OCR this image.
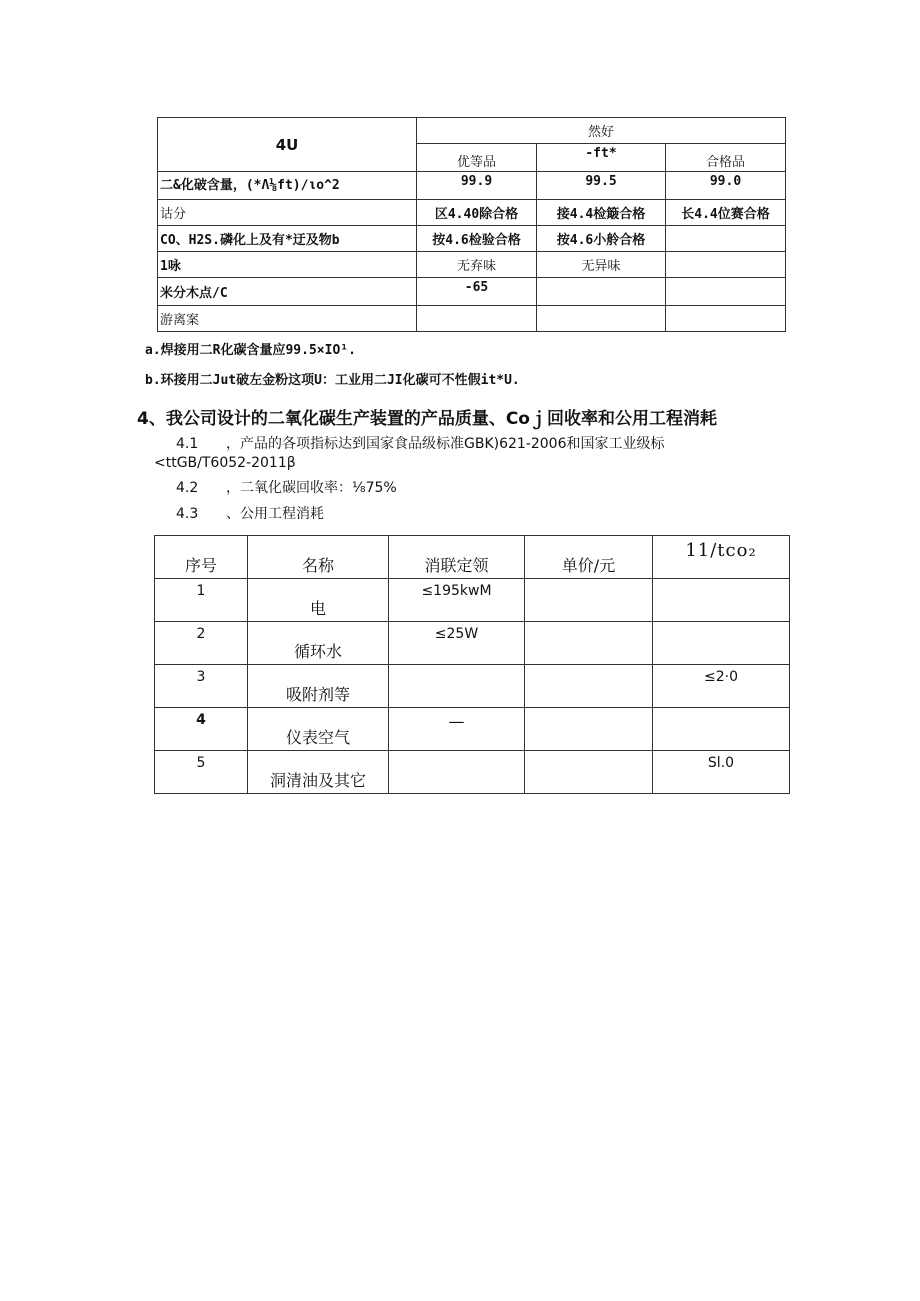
4U	然好		
	优等品	-ft*	合格品
二&化破含量，(*Λ⅛ft)∕ιo^2	99.9	99.5	99.0
诂分	区4.40除合格	接4.4检簸合格	长4.4位赛合格
CO、H2S.磷化上及有*迂及物b	按4.6检验合格	按4.6小舲合格	
1咏	无弃味	无异味	
米分木点/C	-65		
游离案			
a.焊接用二R化碳含量应99.5×IO¹.
b.环接用二Jut破左金粉这项U：工业用二JI化碳可不性假it*U.
4、我公司设计的二氧化碳生产装置的产品质量、Coｊ回收率和公用工程消耗
4.1 ，产品的各项指标达到国家食品级标准GBK)621-2006和国家工业级标
<ttGB∕T6052-2011β
4.2 ，二氧化碳回收率：⅛75%
4.3 、公用工程消耗
序号	名称	消联定领	单价/元	11∕tco₂
1	电	≤195kwM		
2	循环水	≤25W		
3	吸附剂等			≤2·0
4	仪表空气	—		
5	洞清油及其它			Sl.0
